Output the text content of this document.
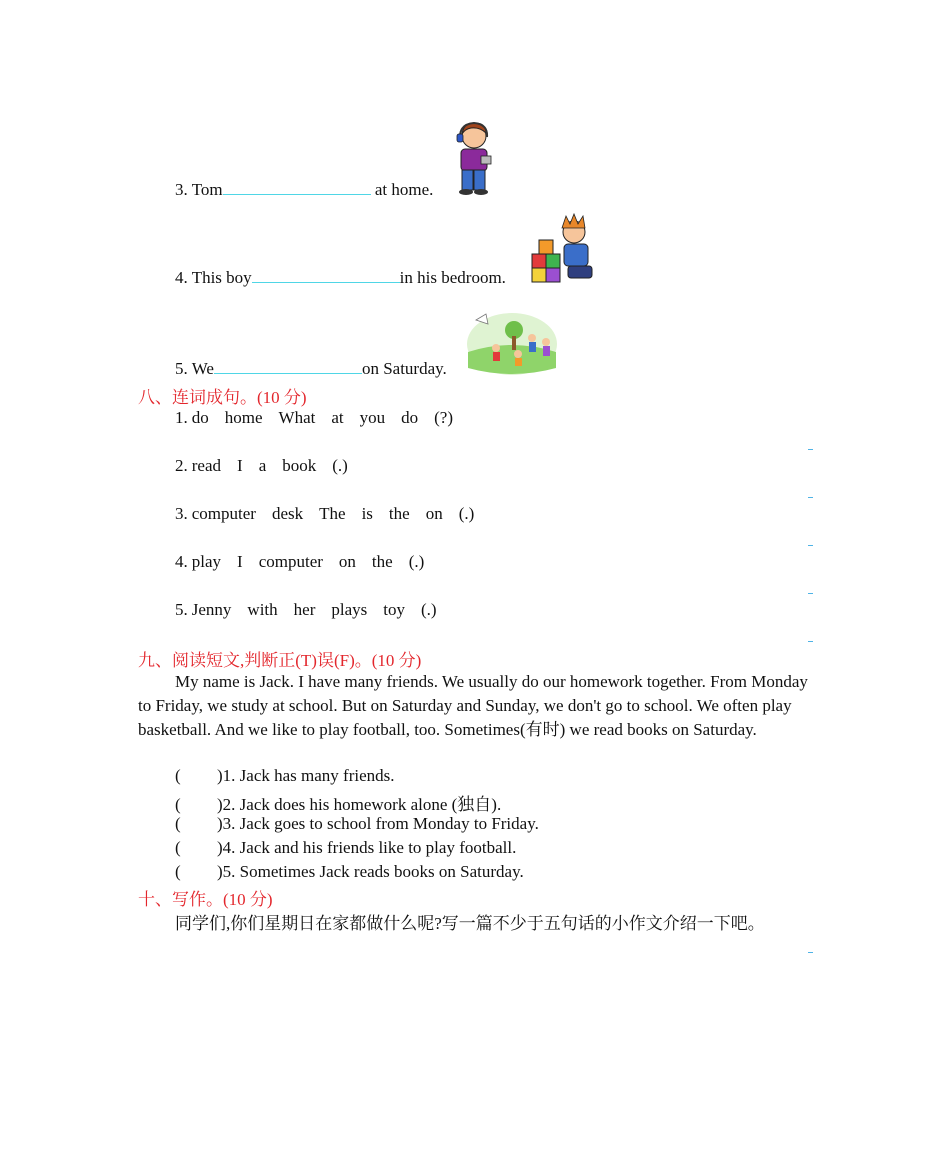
3. Tom	at home.
4. This boy	in his bedroom.
5. We	on Saturday.
八、连词成句。(10 分)
1. do home What at you do (?)
2. read I a book (.)
3. computer desk The is the on (.)
4. play I computer on the (.)
5. Jenny with her plays toy (.)
九、阅读短文,判断正(T)误(F)。(10 分)
My name is Jack. I have many friends. We usually do our homework together. From Monday to Friday, we study at school. But on Saturday and Sunday, we don't go to school. We often play basketball. And we like to play football, too. Sometimes(有时) we read books on Saturday.
( )1. Jack has many friends.
( )2. Jack does his homework alone (独自).
( )3. Jack goes to school from Monday to Friday.
( )4. Jack and his friends like to play football.
( )5. Sometimes Jack reads books on Saturday.
十、写作。(10 分)
同学们,你们星期日在家都做什么呢?写一篇不少于五句话的小作文介绍一下吧。
